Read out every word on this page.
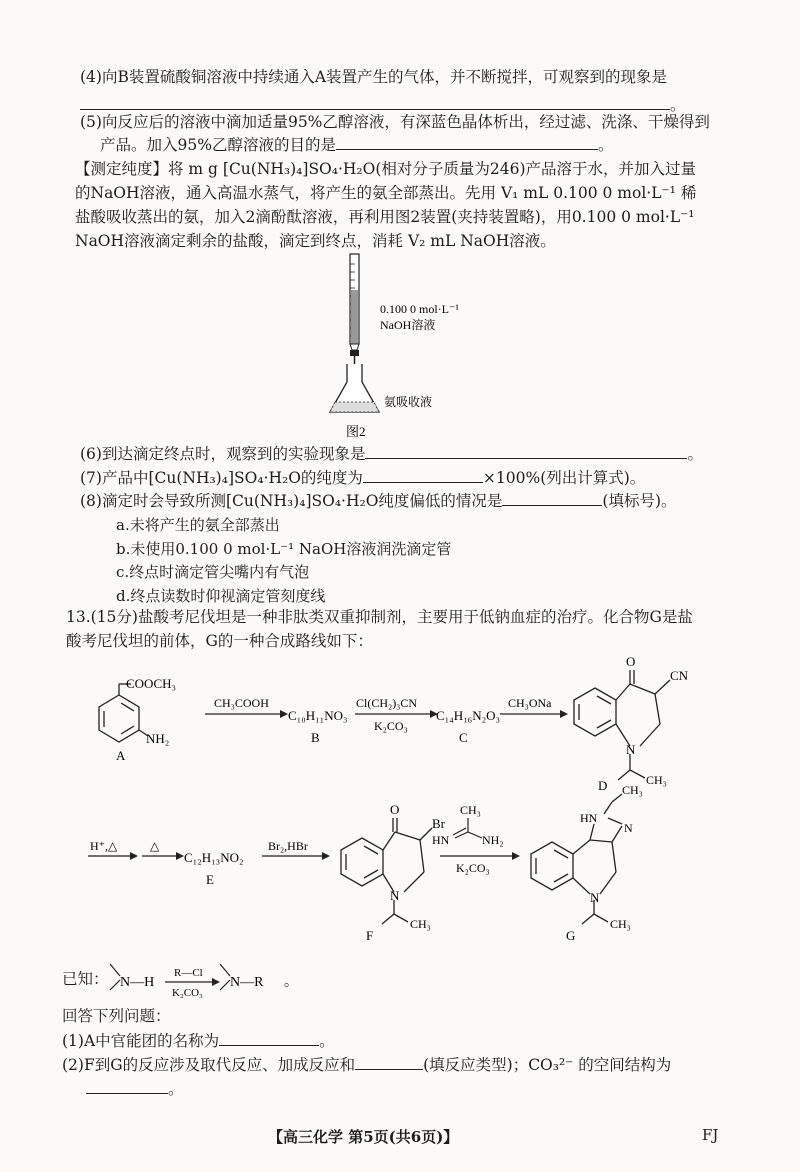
(4)向B装置硫酸铜溶液中持续通入A装置产生的气体，并不断搅拌，可观察到的现象是
。
(5)向反应后的溶液中滴加适量95%乙醇溶液，有深蓝色晶体析出，经过滤、洗涤、干燥得到
产品。加入95%乙醇溶液的目的是	。
【测定纯度】将 m g [Cu(NH₃)₄]SO₄·H₂O(相对分子质量为246)产品溶于水，并加入过量
的NaOH溶液，通入高温水蒸气，将产生的氨全部蒸出。先用 V₁ mL 0.100 0 mol·L⁻¹ 稀
盐酸吸收蒸出的氨，加入2滴酚酞溶液，再利用图2装置(夹持装置略)，用0.100 0 mol·L⁻¹
NaOH溶液滴定剩余的盐酸，滴定到终点，消耗 V₂ mL NaOH溶液。
0.100 0 mol·L⁻¹
NaOH溶液
氨吸收液
图2
(6)到达滴定终点时，观察到的实验现象是	。
(7)产品中[Cu(NH₃)₄]SO₄·H₂O的纯度为	×100%(列出计算式)。
(8)滴定时会导致所测[Cu(NH₃)₄]SO₄·H₂O纯度偏低的情况是	(填标号)。
a.未将产生的氨全部蒸出
b.未使用0.100 0 mol·L⁻¹ NaOH溶液润洗滴定管
c.终点时滴定管尖嘴内有气泡
d.终点读数时仰视滴定管刻度线
13.(15分)盐酸考尼伐坦是一种非肽类双重抑制剂，主要用于低钠血症的治疗。化合物G是盐
酸考尼伐坦的前体，G的一种合成路线如下：
COOCH₃
NH₂
A
CH₃COOH
C₁₀H₁₁NO₃
B
Cl(CH₂)₃CN
K₂CO₃
C₁₄H₁₆N₂O₃
C
CH₃ONa
O
CN
N
CH₃
D
H⁺,△	△
C₁₂H₁₃NO₂
E
Br₂,HBr
O
Br
N
CH₃
F
CH₃
HN	NH₂
K₂CO₃
CH₃
HN
N
N
CH₃
G
已知： N—H
R—Cl
K₂CO₃
N—R 。
回答下列问题：
(1)A中官能团的名称为	。
(2)F到G的反应涉及取代反应、加成反应和	(填反应类型)；CO₃²⁻ 的空间结构为
。
【高三化学 第5页(共6页)】	FJ
